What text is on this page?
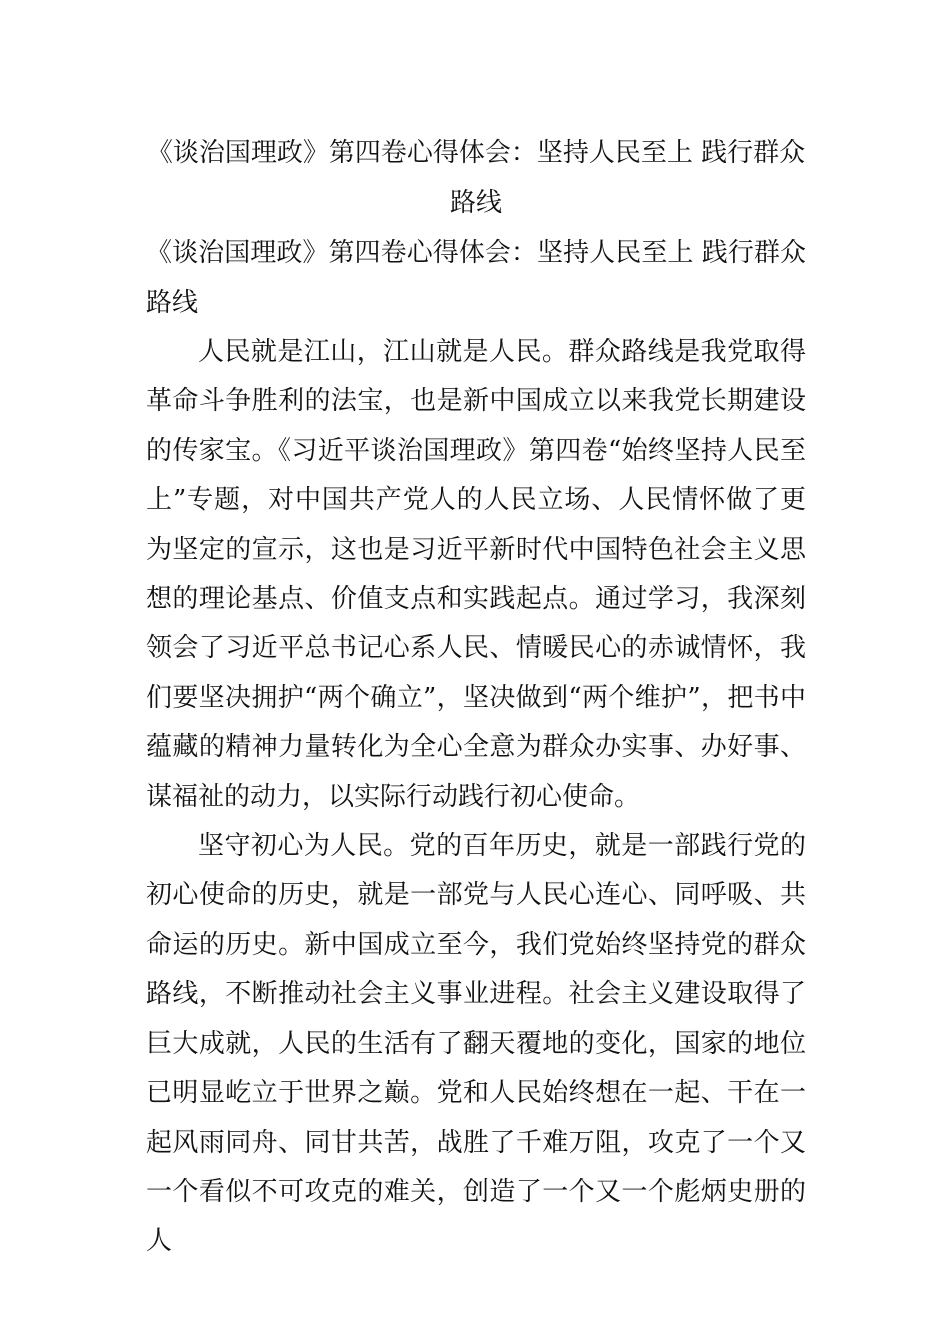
《谈治国理政》第四卷心得体会：坚持人民至上 践行群众路线

《谈治国理政》第四卷心得体会：坚持人民至上 践行群众路线

人民就是江山，江山就是人民。群众路线是我党取得革命斗争胜利的法宝，也是新中国成立以来我党长期建设的传家宝。《习近平谈治国理政》第四卷“始终坚持人民至上”专题，对中国共产党人的人民立场、人民情怀做了更为坚定的宣示，这也是习近平新时代中国特色社会主义思想的理论基点、价值支点和实践起点。通过学习，我深刻领会了习近平总书记心系人民、情暖民心的赤诚情怀，我们要坚决拥护“两个确立”，坚决做到“两个维护”，把书中蕴藏的精神力量转化为全心全意为群众办实事、办好事、谋福祉的动力，以实际行动践行初心使命。

坚守初心为人民。党的百年历史，就是一部践行党的初心使命的历史，就是一部党与人民心连心、同呼吸、共命运的历史。新中国成立至今，我们党始终坚持党的群众路线，不断推动社会主义事业进程。社会主义建设取得了巨大成就，人民的生活有了翻天覆地的变化，国家的地位已明显屹立于世界之巅。党和人民始终想在一起、干在一起风雨同舟、同甘共苦，战胜了千难万阻，攻克了一个又一个看似不可攻克的难关，创造了一个又一个彪炳史册的人
